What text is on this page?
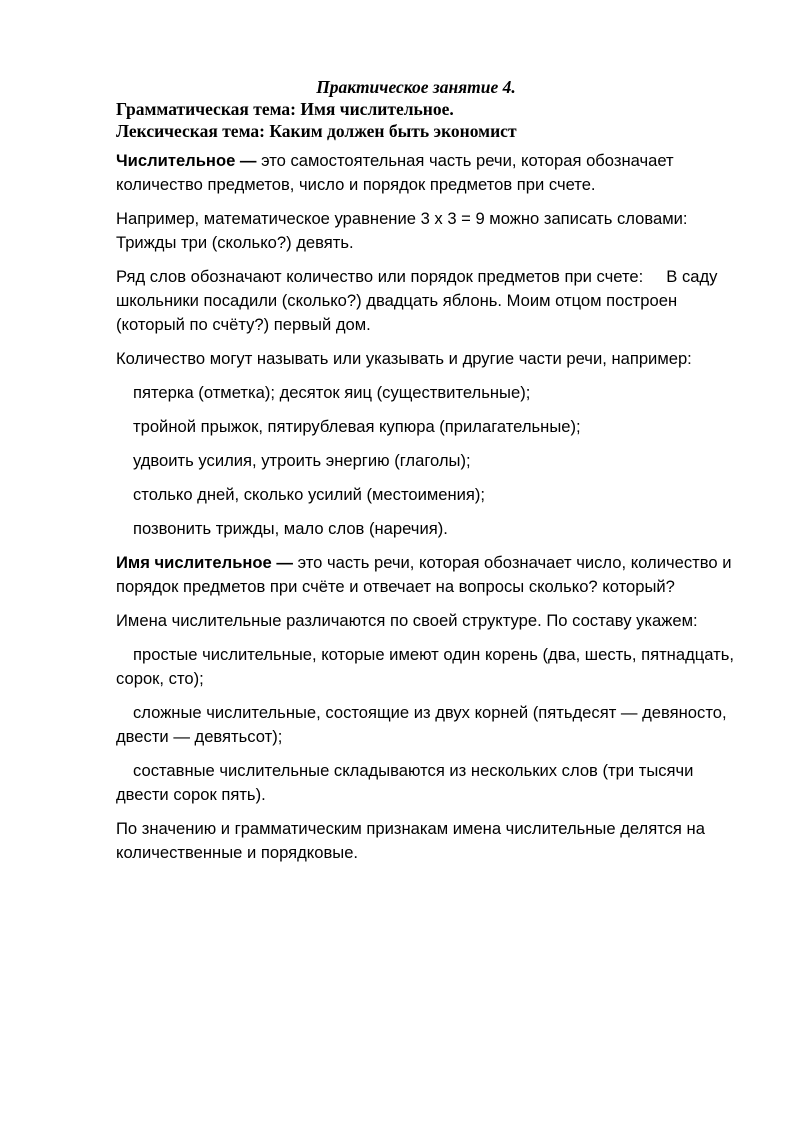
Практическое занятие 4.
Грамматическая тема: Имя числительное.
Лексическая тема: Каким должен быть экономист

Числительное — это самостоятельная часть речи, которая обозначает количество предметов, число и порядок предметов при счете.

Например, математическое уравнение 3 х 3 = 9 можно записать словами: Трижды три (сколько?) девять.

Ряд слов обозначают количество или порядок предметов при счете:     В саду школьники посадили (сколько?) двадцать яблонь. Моим отцом построен (который по счёту?) первый дом.

Количество могут называть или указывать и другие части речи, например:

пятерка (отметка); десяток яиц (существительные);

тройной прыжок, пятирублевая купюра (прилагательные);

удвоить усилия, утроить энергию (глаголы);

столько дней, сколько усилий (местоимения);

позвонить трижды, мало слов (наречия).

Имя числительное — это часть речи, которая обозначает число, количество и порядок предметов при счёте и отвечает на вопросы сколько? который?

Имена числительные различаются по своей структуре. По составу укажем:

простые числительные, которые имеют один корень (два, шесть, пятнадцать, сорок, сто);

сложные числительные, состоящие из двух корней (пятьдесят — девяносто, двести — девятьсот);

составные числительные складываются из нескольких слов (три тысячи двести сорок пять).

По значению и грамматическим признакам имена числительные делятся на количественные и порядковые.
